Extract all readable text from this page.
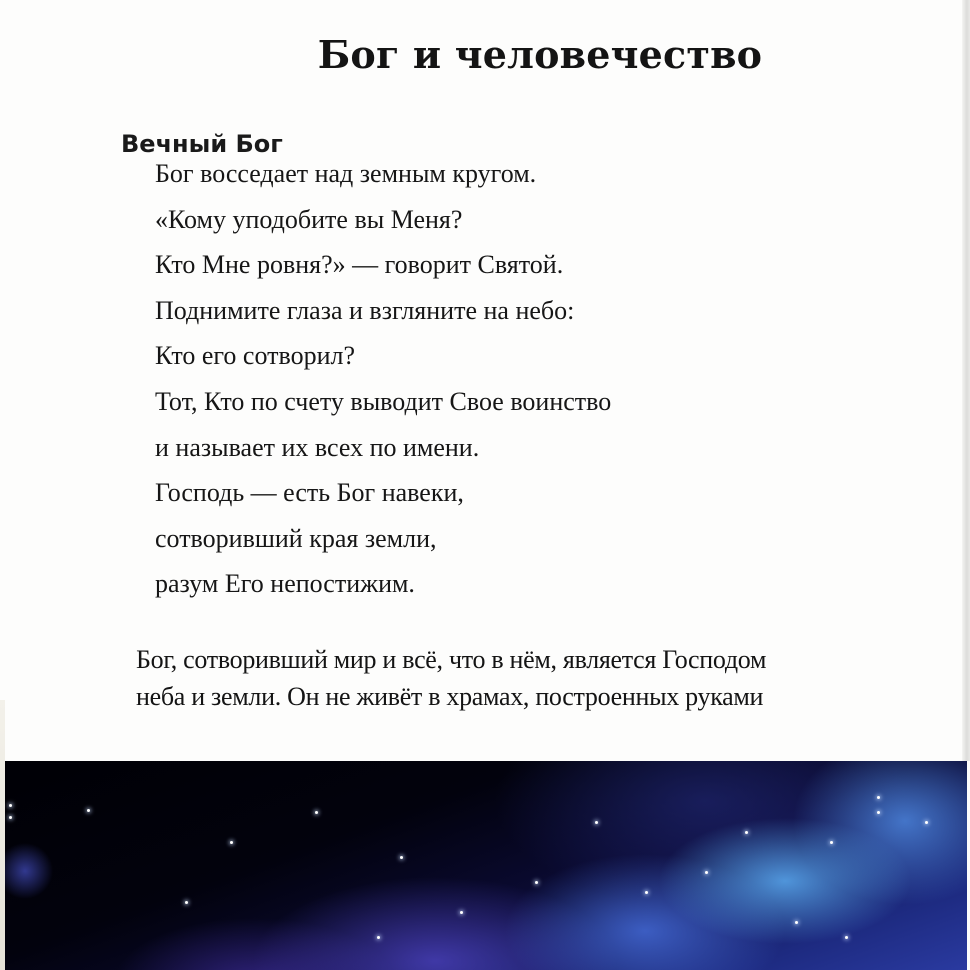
Бог и человечество
Вечный Бог
Бог восседает над земным кругом.
«Кому уподобите вы Меня?
Кто Мне ровня?» — говорит Святой.
Поднимите глаза и взгляните на небо:
Кто его сотворил?
Тот, Кто по счету выводит Свое воинство
и называет их всех по имени.
Господь — есть Бог навеки,
сотворивший края земли,
разум Его непостижим.

Бог, сотворивший мир и всё, что в нём, является Господом
неба и земли. Он не живёт в храмах, построенных руками
